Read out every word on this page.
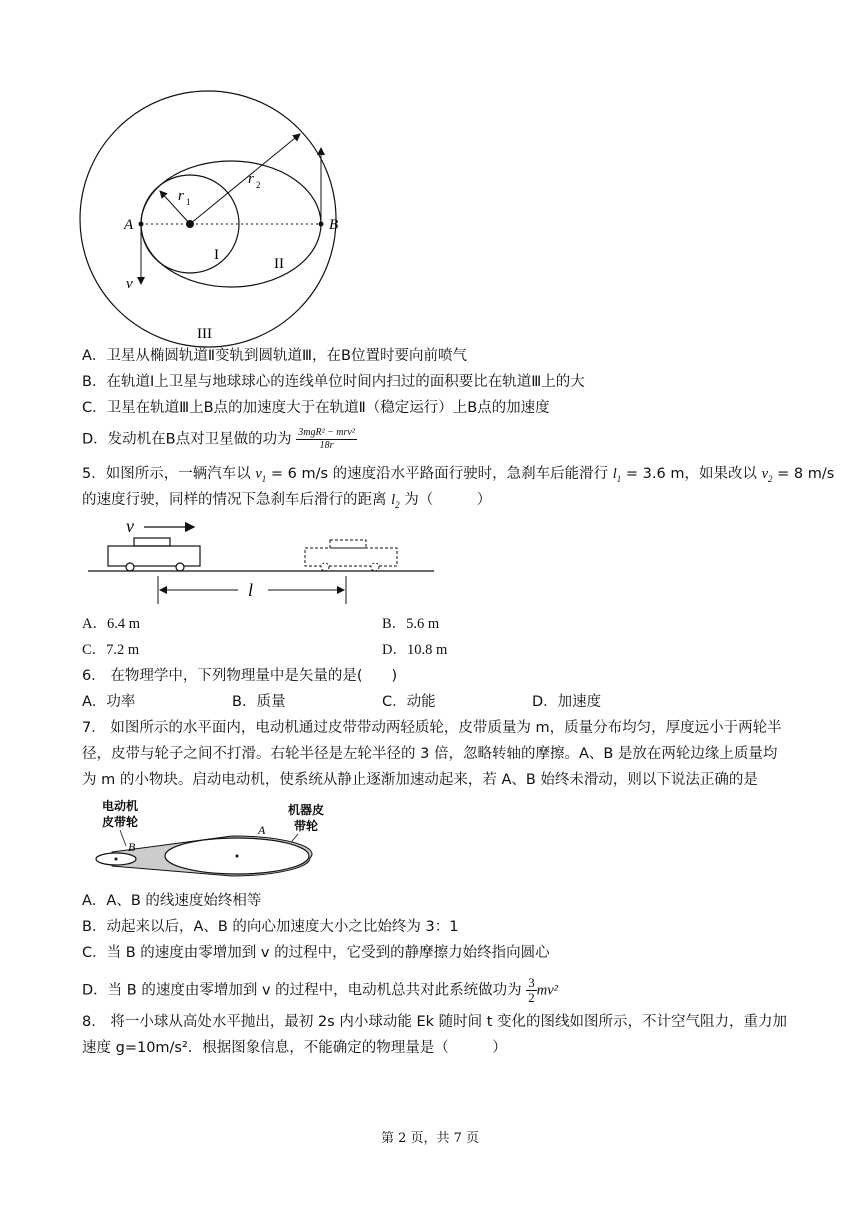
A	B
r 1
r 2
I
II
III
v
A．卫星从椭圆轨道Ⅱ变轨到圆轨道Ⅲ，在B位置时要向前喷气
B．在轨道Ⅰ上卫星与地球球心的连线单位时间内扫过的面积要比在轨道Ⅲ上的大
C．卫星在轨道Ⅲ上B点的加速度大于在轨道Ⅱ（稳定运行）上B点的加速度
D．发动机在B点对卫星做的功为 $\frac{\text{3mgR² − mrv²}}{18r}$
5．如图所示，一辆汽车以 $v_1 = 6$ m/s 的速度沿水平路面行驶时，急刹车后能滑行 $l_1 = 3.6$ m，如果改以 $v_2 = 8$ m/s
的速度行驶，同样的情况下急刹车后滑行的距离 $l_2$ 为（　　　）
v
l
A．6.4 m	B．5.6 m
C．7.2 m	D．10.8 m
6． 在物理学中，下列物理量中是矢量的是(　　)
A．功率	B．质量	C．动能	D．加速度
7． 如图所示的水平面内，电动机通过皮带带动两轻质轮，皮带质量为 m，质量分布均匀，厚度远小于两轮半
径，皮带与轮子之间不打滑。右轮半径是左轮半径的 3 倍，忽略转轴的摩擦。A、B 是放在两轮边缘上质量均
为 m 的小物块。启动电动机，使系统从静止逐渐加速动起来，若 A、B 始终未滑动，则以下说法正确的是
电动机
皮带轮
机器皮
带轮
A
B
A．A、B 的线速度始终相等
B．动起来以后，A、B 的向心加速度大小之比始终为 3：1
C．当 B 的速度由零增加到 v 的过程中，它受到的静摩擦力始终指向圆心
D．当 B 的速度由零增加到 v 的过程中，电动机总共对此系统做功为 $\frac{3}{2} mv^2$
8． 将一小球从高处水平抛出，最初 2s 内小球动能 Ek 随时间 t 变化的图线如图所示，不计空气阻力，重力加
速度 g=10m/s²．根据图象信息，不能确定的物理量是（　　　）
第 2 页，共 7 页
